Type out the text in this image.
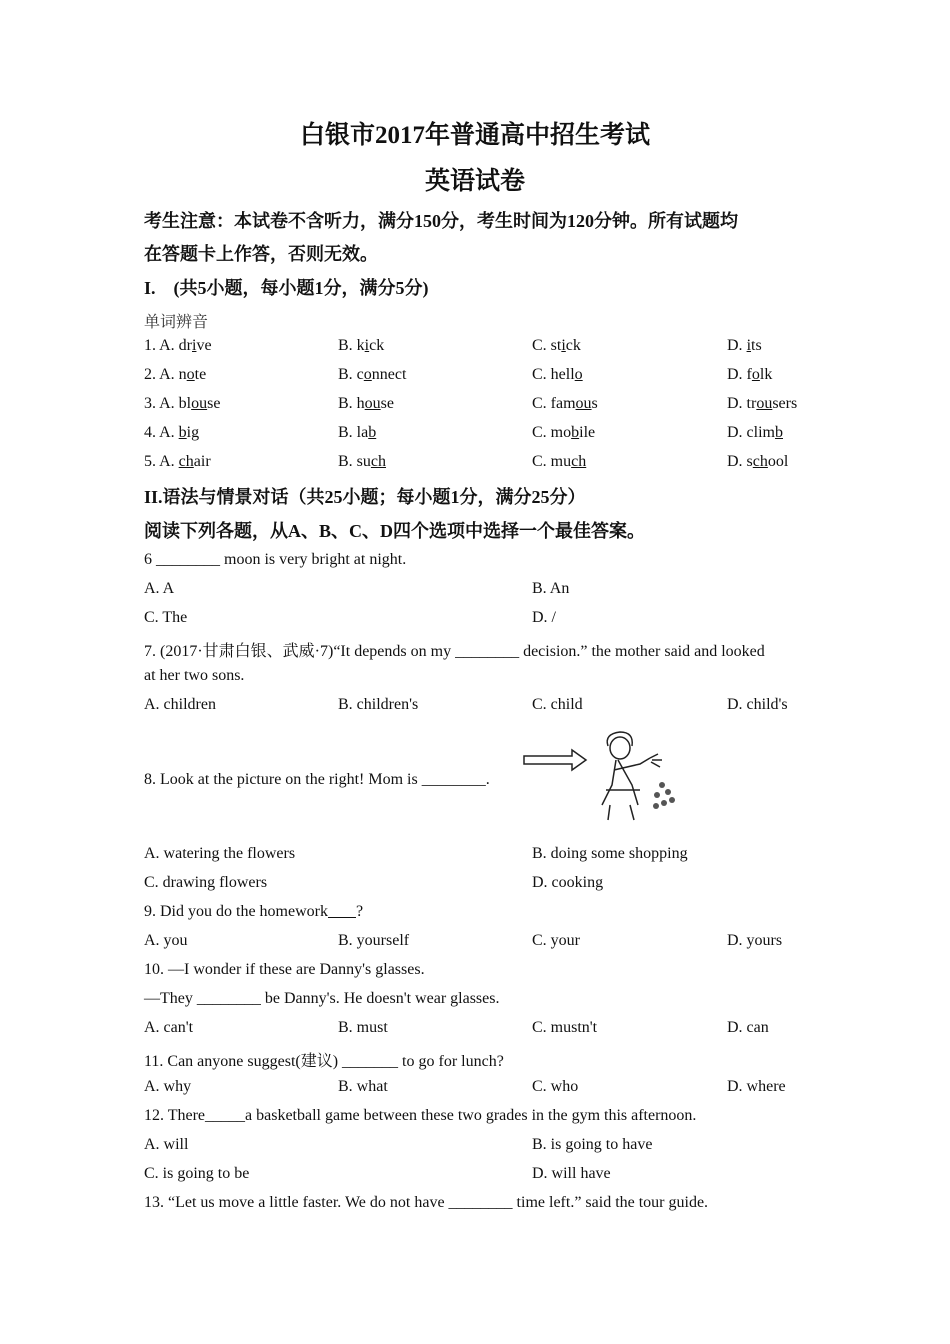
白银市2017年普通高中招生考试
英语试卷
考生注意：本试卷不含听力，满分150分，考生时间为120分钟。所有试题均
在答题卡上作答，否则无效。
I.　(共5小题，每小题1分，满分5分)
单词辨音
1. A. drive	B. kick	C. stick	D. its
2. A. note	B. connect	C. hello	D. folk
3. A. blouse	B. house	C. famous	D. trousers
4. A. big	B. lab	C. mobile	D. climb
5. A. chair	B. such	C. much	D. school
II.语法与情景对话（共25小题；每小题1分，满分25分）
阅读下列各题，从A、B、C、D四个选项中选择一个最佳答案。
6 ________ moon is very bright at night.
A. A	B. An
C. The	D. /
7. (2017·甘肃白银、武威·7)“It depends on my ________ decision.” the mother said and looked
at her two sons.
A. children	B. children's	C. child	D. child's
8. Look at the picture on the right! Mom is ________.
A. watering the flowers	B. doing some shopping
C. drawing flowers	D. cooking
9. Did you do the homework ?
A. you	B. yourself	C. your	D. yours
10. —I wonder if these are Danny's glasses.
—They ________ be Danny's. He doesn't wear glasses.
A. can't	B. must	C. mustn't	D. can
11. Can anyone suggest(建议) _______ to go for lunch?
A. why	B. what	C. who	D. where
12. There_____a basketball game between these two grades in the gym this afternoon.
A. will	B. is going to have
C. is going to be	D. will have
13. “Let us move a little faster. We do not have ________ time left.” said the tour guide.
